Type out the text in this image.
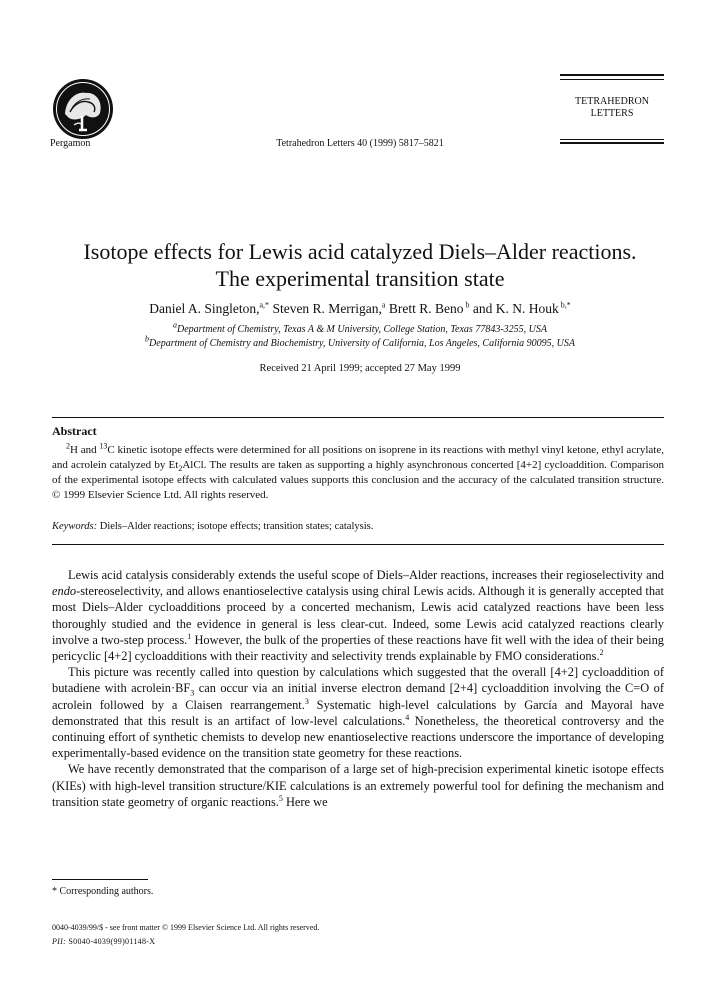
Pergamon	Tetrahedron Letters 40 (1999) 5817–5821
TETRAHEDRON
LETTERS
Isotope effects for Lewis acid catalyzed Diels–Alder reactions.
The experimental transition state
Daniel A. Singleton,$^{a,*}$ Steven R. Merrigan,$^a$ Brett R. Beno $^b$ and K. N. Houk $^{b,*}$
$^a$Department of Chemistry, Texas A & M University, College Station, Texas 77843-3255, USA
$^b$Department of Chemistry and Biochemistry, University of California, Los Angeles, California 90095, USA
Received 21 April 1999; accepted 27 May 1999
Abstract

$^2$H and $^{13}$C kinetic isotope effects were determined for all positions on isoprene in its reactions with methyl vinyl ketone, ethyl acrylate, and acrolein catalyzed by $Et_2AlCl$. The results are taken as supporting a highly asynchronous concerted [4+2] cycloaddition. Comparison of the experimental isotope effects with calculated values supports this conclusion and the accuracy of the calculated transition structure. © 1999 Elsevier Science Ltd. All rights reserved.

Keywords: Diels–Alder reactions; isotope effects; transition states; catalysis.

Lewis acid catalysis considerably extends the useful scope of Diels–Alder reactions, increases their regioselectivity and endo-stereoselectivity, and allows enantioselective catalysis using chiral Lewis acids. Although it is generally accepted that most Diels–Alder cycloadditions proceed by a concerted mechanism, Lewis acid catalyzed reactions have been less thoroughly studied and the evidence in general is less clear-cut. Indeed, some Lewis acid catalyzed reactions clearly involve a two-step process.$^1$ However, the bulk of the properties of these reactions have fit well with the idea of their being pericyclic [4+2] cycloadditions with their reactivity and selectivity trends explainable by FMO considerations.$^2$

This picture was recently called into question by calculations which suggested that the overall [4+2] cycloaddition of butadiene with $acrolein\cdot BF_3$ can occur via an initial inverse electron demand [2+4] cycloaddition involving the C=O of acrolein followed by a Claisen rearrangement.$^3$ Systematic high-level calculations by García and Mayoral have demonstrated that this result is an artifact of low-level calculations.$^4$ Nonetheless, the theoretical controversy and the continuing effort of synthetic chemists to develop new enantioselective reactions underscore the importance of developing experimentally-based evidence on the transition state geometry for these reactions.

We have recently demonstrated that the comparison of a large set of high-precision experimental kinetic isotope effects (KIEs) with high-level transition structure/KIE calculations is an extremely powerful tool for defining the mechanism and transition state geometry of organic reactions.$^5$ Here we

* Corresponding authors.
0040-4039/99/$ - see front matter © 1999 Elsevier Science Ltd. All rights reserved.
PII: S0040-4039(99)01148-X
